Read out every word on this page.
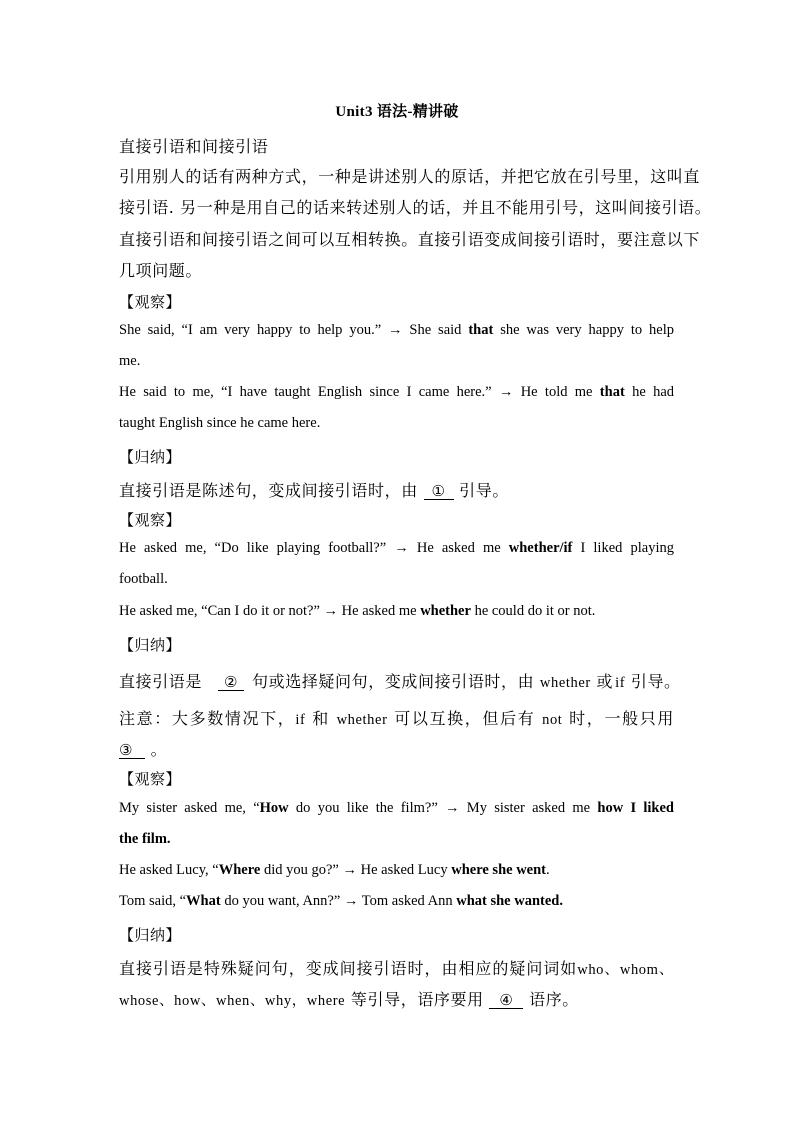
Unit3 语法-精讲破
直接引语和间接引语
引用别人的话有两种方式，一种是讲述别人的原话，并把它放在引号里，这叫直
接引语. 另一种是用自己的话来转述别人的话，并且不能用引号，这叫间接引语。
直接引语和间接引语之间可以互相转换。直接引语变成间接引语时，要注意以下
几项问题。
【观察】
She said, “I am very happy to help you.” → She said that she was very happy to help
me.
He said to me, “I have taught English since I came here.” → He told me that he had
taught English since he came here.
【归纳】
直接引语是陈述句，变成间接引语时，由 ① 引导。
【观察】
He asked me, “Do like playing football?” → He asked me whether/if I liked playing
football.
He asked me, “Can I do it or not?” → He asked me whether he could do it or not.
【归纳】
直接引语是 ② 句或选择疑问句，变成间接引语时，由 whether 或 if 引导。
注意：大多数情况下，if 和 whether 可以互换，但后有 not 时，一般只用
③ 。
【观察】
My sister asked me, “How do you like the film?” → My sister asked me how I liked
the film.
He asked Lucy, “Where did you go?” → He asked Lucy where she went.
Tom said, “What do you want, Ann?” → Tom asked Ann what she wanted.
【归纳】
直接引语是特殊疑问句，变成间接引语时，由相应的疑问词如who、whom、
whose、how、when、why，where 等引导，语序要用 ④ 语序。
